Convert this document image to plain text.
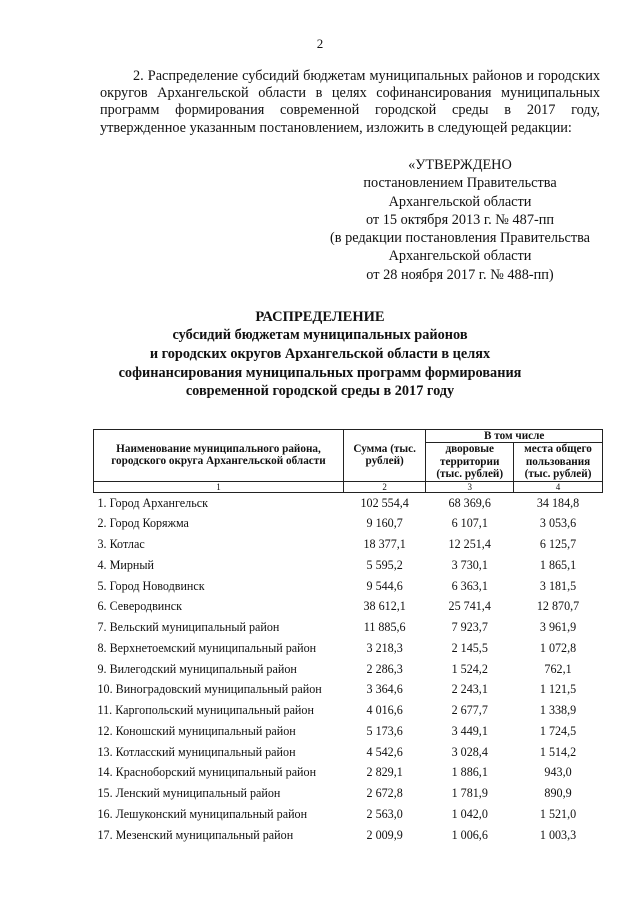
2
2. Распределение субсидий бюджетам муниципальных районов и городских округов Архангельской области в целях софинансирования муниципальных программ формирования современной городской среды в 2017 году, утвержденное указанным постановлением, изложить в следующей редакции:
«УТВЕРЖДЕНО
постановлением Правительства
Архангельской области
от 15 октября 2013 г. № 487-пп
(в редакции постановления Правительства
Архангельской области
от 28 ноября 2017 г. № 488-пп)
РАСПРЕДЕЛЕНИЕ
субсидий бюджетам муниципальных районов
и городских округов Архангельской области в целях
софинансирования муниципальных программ формирования
современной городской среды в 2017 году
Наименование муниципального района, городского округа Архангельской области	Сумма (тыс. рублей)	В том числе	
		дворовые территории (тыс. рублей)	места общего пользования (тыс. рублей)
1	2	3	4
1. Город Архангельск	102 554,4	68 369,6	34 184,8
2. Город Коряжма	9 160,7	6 107,1	3 053,6
3. Котлас	18 377,1	12 251,4	6 125,7
4. Мирный	5 595,2	3 730,1	1 865,1
5. Город Новодвинск	9 544,6	6 363,1	3 181,5
6. Северодвинск	38 612,1	25 741,4	12 870,7
7. Вельский муниципальный район	11 885,6	7 923,7	3 961,9
8. Верхнетоемский муниципальный район	3 218,3	2 145,5	1 072,8
9. Вилегодский муниципальный район	2 286,3	1 524,2	762,1
10. Виноградовский муниципальный район	3 364,6	2 243,1	1 121,5
11. Каргопольский муниципальный район	4 016,6	2 677,7	1 338,9
12. Коношский муниципальный район	5 173,6	3 449,1	1 724,5
13. Котласский муниципальный район	4 542,6	3 028,4	1 514,2
14. Красноборский муниципальный район	2 829,1	1 886,1	943,0
15. Ленский муниципальный район	2 672,8	1 781,9	890,9
16. Лешуконский муниципальный район	2 563,0	1 042,0	1 521,0
17. Мезенский муниципальный район	2 009,9	1 006,6	1 003,3
